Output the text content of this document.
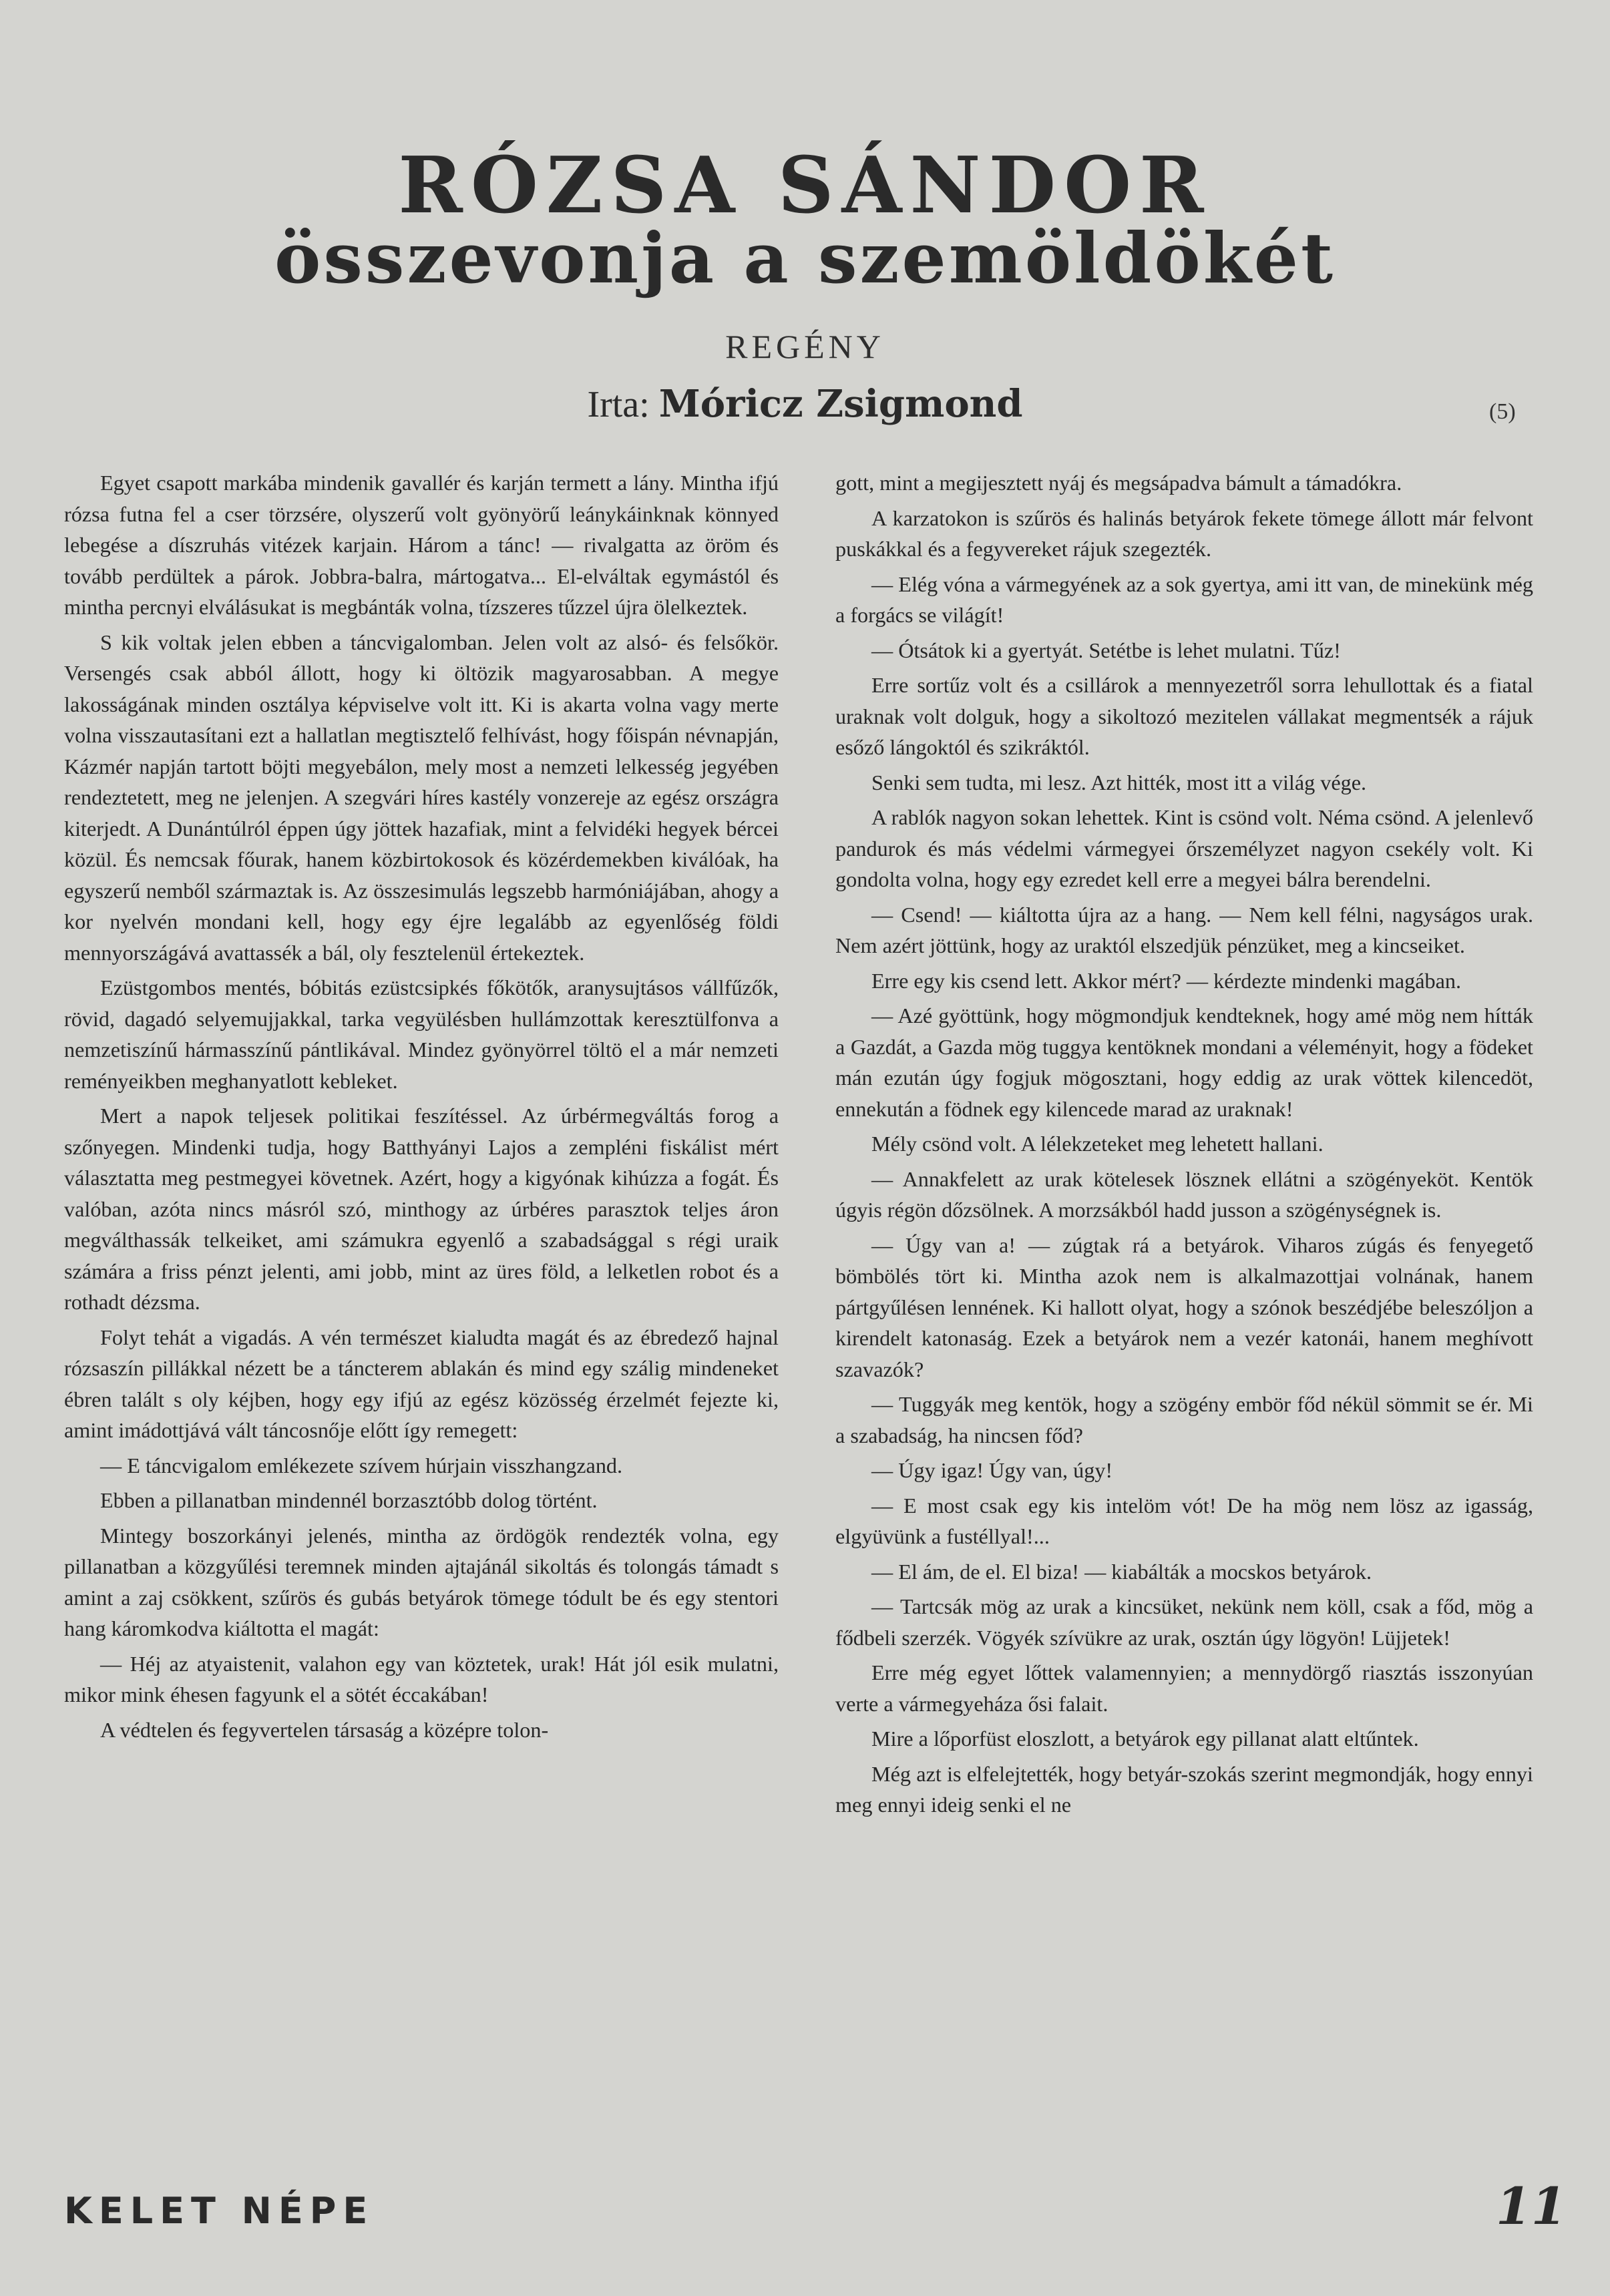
RÓZSA SÁNDOR
összevonja a szemöldökét
REGÉNY
Irta: Móricz Zsigmond	(5)

Egyet csapott markába mindenik gavallér és karján termett a lány. Mintha ifjú rózsa futna fel a cser törzsére, olyszerű volt gyönyörű leánykáinknak könnyed lebegése a díszruhás vitézek karjain. Három a tánc! — rivalgatta az öröm és tovább perdültek a párok. Jobbra-balra, mártogatva... El-elváltak egymástól és mintha percnyi elválásukat is megbánták volna, tízszeres tűzzel újra ölelkeztek.

S kik voltak jelen ebben a táncvigalomban. Jelen volt az alsó- és felsőkör. Versengés csak abból állott, hogy ki öltözik magyarosabban. A megye lakosságának minden osztálya képviselve volt itt. Ki is akarta volna vagy merte volna visszautasítani ezt a hallatlan megtisztelő felhívást, hogy főispán névnapján, Kázmér napján tartott böjti megyebálon, mely most a nemzeti lelkesség jegyében rendeztetett, meg ne jelenjen. A szegvári híres kastély vonzereje az egész országra kiterjedt. A Dunántúlról éppen úgy jöttek hazafiak, mint a felvidéki hegyek bércei közül. És nemcsak főurak, hanem közbirtokosok és közérdemekben kiválóak, ha egyszerű nemből származtak is. Az összesimulás legszebb harmóniájában, ahogy a kor nyelvén mondani kell, hogy egy éjre legalább az egyenlőség földi mennyországává avattassék a bál, oly fesztelenül értekeztek.

Ezüstgombos mentés, bóbitás ezüstcsipkés főkötők, aranysujtásos vállfűzők, rövid, dagadó selyemujjakkal, tarka vegyülésben hullámzottak keresztülfonva a nemzetiszínű hármasszínű pántlikával. Mindez gyönyörrel töltö el a már nemzeti reményeikben meghanyatlott kebleket.

Mert a napok teljesek politikai feszítéssel. Az úrbérmegváltás forog a szőnyegen. Mindenki tudja, hogy Batthyányi Lajos a zempléni fiskálist mért választatta meg pestmegyei követnek. Azért, hogy a kigyónak kihúzza a fogát. És valóban, azóta nincs másról szó, minthogy az úrbéres parasztok teljes áron megválthassák telkeiket, ami számukra egyenlő a szabadsággal s régi uraik számára a friss pénzt jelenti, ami jobb, mint az üres föld, a lelketlen robot és a rothadt dézsma.

Folyt tehát a vigadás. A vén természet kialudta magát és az ébredező hajnal rózsaszín pillákkal nézett be a táncterem ablakán és mind egy szálig mindeneket ébren talált s oly kéjben, hogy egy ifjú az egész közösség érzelmét fejezte ki, amint imádottjává vált táncosnője előtt így remegett:

— E táncvigalom emlékezete szívem húrjain visszhangzand.

Ebben a pillanatban mindennél borzasztóbb dolog történt.

Mintegy boszorkányi jelenés, mintha az ördögök rendezték volna, egy pillanatban a közgyűlési teremnek minden ajtajánál sikoltás és tolongás támadt s amint a zaj csökkent, szűrös és gubás betyárok tömege tódult be és egy stentori hang káromkodva kiáltotta el magát:

— Héj az atyaistenit, valahon egy van köztetek, urak! Hát jól esik mulatni, mikor mink éhesen fagyunk el a sötét éccakában!

A védtelen és fegyvertelen társaság a középre tolon-

gott, mint a megijesztett nyáj és megsápadva bámult a támadókra.

A karzatokon is szűrös és halinás betyárok fekete tömege állott már felvont puskákkal és a fegyvereket rájuk szegezték.

— Elég vóna a vármegyének az a sok gyertya, ami itt van, de minekünk még a forgács se világít!

— Ótsátok ki a gyertyát. Setétbe is lehet mulatni. Tűz!

Erre sortűz volt és a csillárok a mennyezetről sorra lehullottak és a fiatal uraknak volt dolguk, hogy a sikoltozó mezitelen vállakat megmentsék a rájuk esőző lángoktól és szikráktól.

Senki sem tudta, mi lesz. Azt hitték, most itt a világ vége.

A rablók nagyon sokan lehettek. Kint is csönd volt. Néma csönd. A jelenlevő pandurok és más védelmi vármegyei őrszemélyzet nagyon csekély volt. Ki gondolta volna, hogy egy ezredet kell erre a megyei bálra berendelni.

— Csend! — kiáltotta újra az a hang. — Nem kell félni, nagyságos urak. Nem azért jöttünk, hogy az uraktól elszedjük pénzüket, meg a kincseiket.

Erre egy kis csend lett. Akkor mért? — kérdezte mindenki magában.

— Azé gyöttünk, hogy mögmondjuk kendteknek, hogy amé mög nem hítták a Gazdát, a Gazda mög tuggya kentöknek mondani a véleményit, hogy a födeket mán ezután úgy fogjuk mögosztani, hogy eddig az urak vöttek kilencedöt, ennekután a födnek egy kilencede marad az uraknak!

Mély csönd volt. A lélekzeteket meg lehetett hallani.

— Annakfelett az urak kötelesek lösznek ellátni a szögényeköt. Kentök úgyis régön dőzsölnek. A morzsákból hadd jusson a szögénységnek is.

— Úgy van a! — zúgtak rá a betyárok. Viharos zúgás és fenyegető bömbölés tört ki. Mintha azok nem is alkalmazottjai volnának, hanem pártgyűlésen lennének. Ki hallott olyat, hogy a szónok beszédjébe beleszóljon a kirendelt katonaság. Ezek a betyárok nem a vezér katonái, hanem meghívott szavazók?

— Tuggyák meg kentök, hogy a szögény embör főd nékül sömmit se ér. Mi a szabadság, ha nincsen főd?

— Úgy igaz! Úgy van, úgy!

— E most csak egy kis intelöm vót! De ha mög nem lösz az igasság, elgyüvünk a fustéllyal!...

— El ám, de el. El biza! — kiabálták a mocskos betyárok.

— Tartcsák mög az urak a kincsüket, nekünk nem köll, csak a főd, mög a fődbeli szerzék. Vögyék szívükre az urak, osztán úgy lögyön! Lüjjetek!

Erre még egyet lőttek valamennyien; a mennydörgő riasztás isszonyúan verte a vármegyeháza ősi falait.

Mire a lőporfüst eloszlott, a betyárok egy pillanat alatt eltűntek.

Még azt is elfelejtették, hogy betyár-szokás szerint megmondják, hogy ennyi meg ennyi ideig senki el ne

KELET NÉPE	11
